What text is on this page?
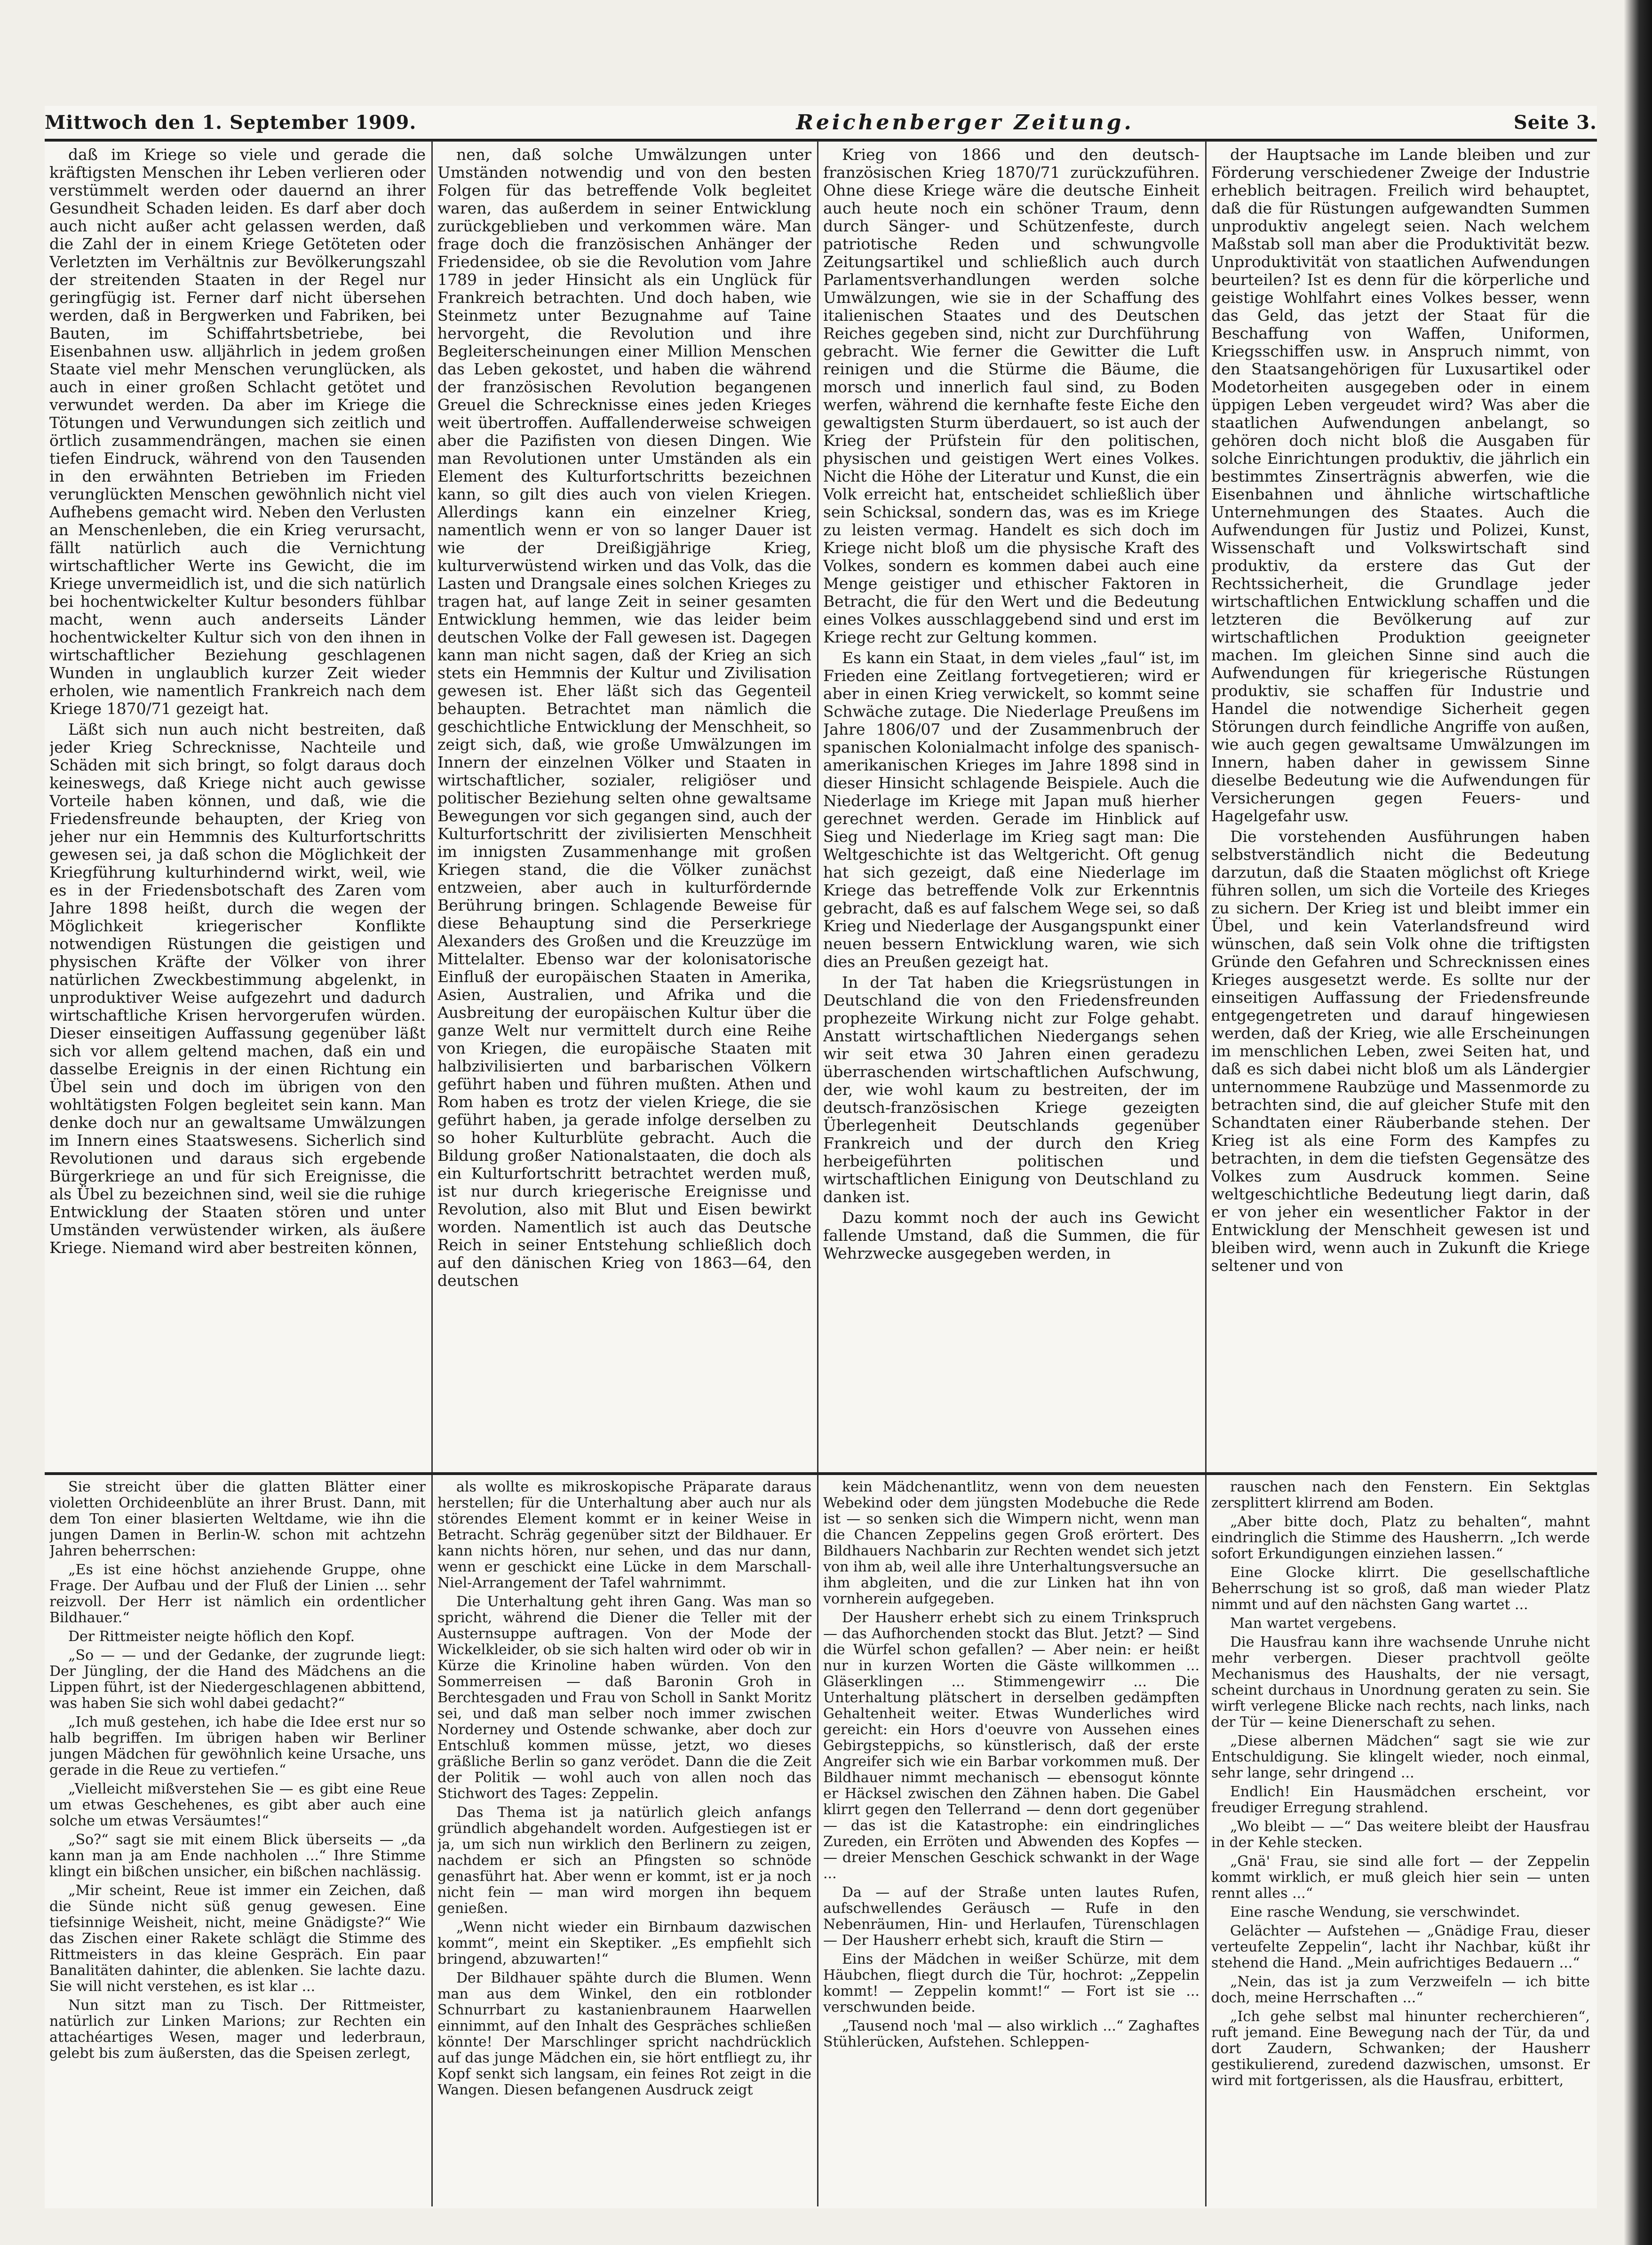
Mittwoch den 1. September 1909.	Reichenberger Zeitung.	Seite 3.

daß im Kriege so viele und gerade die kräftigsten Menschen ihr Leben verlieren oder verstümmelt werden oder dauernd an ihrer Gesundheit Schaden leiden. Es darf aber doch auch nicht außer acht gelassen werden, daß die Zahl der in einem Kriege Getöteten oder Verletzten im Verhältnis zur Bevölkerungszahl der streitenden Staaten in der Regel nur geringfügig ist. Ferner darf nicht übersehen werden, daß in Bergwerken und Fabriken, bei Bauten, im Schiffahrtsbetriebe, bei Eisenbahnen usw. alljährlich in jedem großen Staate viel mehr Menschen verunglücken, als auch in einer großen Schlacht getötet und verwundet werden. Da aber im Kriege die Tötungen und Verwundungen sich zeitlich und örtlich zusammendrängen, machen sie einen tiefen Eindruck, während von den Tausenden in den erwähnten Betrieben im Frieden verunglückten Menschen gewöhnlich nicht viel Aufhebens gemacht wird. Neben den Verlusten an Menschenleben, die ein Krieg verursacht, fällt natürlich auch die Vernichtung wirtschaftlicher Werte ins Gewicht, die im Kriege unvermeidlich ist, und die sich natürlich bei hochentwickelter Kultur besonders fühlbar macht, wenn auch anderseits Länder hochentwickelter Kultur sich von den ihnen in wirtschaftlicher Beziehung geschlagenen Wunden in unglaublich kurzer Zeit wieder erholen, wie namentlich Frankreich nach dem Kriege 1870/71 gezeigt hat.

Läßt sich nun auch nicht bestreiten, daß jeder Krieg Schrecknisse, Nachteile und Schäden mit sich bringt, so folgt daraus doch keineswegs, daß Kriege nicht auch gewisse Vorteile haben können, und daß, wie die Friedensfreunde behaupten, der Krieg von jeher nur ein Hemmnis des Kulturfortschritts gewesen sei, ja daß schon die Möglichkeit der Kriegführung kulturhindernd wirkt, weil, wie es in der Friedensbotschaft des Zaren vom Jahre 1898 heißt, durch die wegen der Möglichkeit kriegerischer Konflikte notwendigen Rüstungen die geistigen und physischen Kräfte der Völker von ihrer natürlichen Zweckbestimmung abgelenkt, in unproduktiver Weise aufgezehrt und dadurch wirtschaftliche Krisen hervorgerufen würden. Dieser einseitigen Auffassung gegenüber läßt sich vor allem geltend machen, daß ein und dasselbe Ereignis in der einen Richtung ein Übel sein und doch im übrigen von den wohltätigsten Folgen begleitet sein kann. Man denke doch nur an gewaltsame Umwälzungen im Innern eines Staatswesens. Sicherlich sind Revolutionen und daraus sich ergebende Bürgerkriege an und für sich Ereignisse, die als Übel zu bezeichnen sind, weil sie die ruhige Entwicklung der Staaten stören und unter Umständen verwüstender wirken, als äußere Kriege. Niemand wird aber bestreiten können,

nen, daß solche Umwälzungen unter Umständen notwendig und von den besten Folgen für das betreffende Volk begleitet waren, das außerdem in seiner Entwicklung zurückgeblieben und verkommen wäre. Man frage doch die französischen Anhänger der Friedensidee, ob sie die Revolution vom Jahre 1789 in jeder Hinsicht als ein Unglück für Frankreich betrachten. Und doch haben, wie Steinmetz unter Bezugnahme auf Taine hervorgeht, die Revolution und ihre Begleiterscheinungen einer Million Menschen das Leben gekostet, und haben die während der französischen Revolution begangenen Greuel die Schrecknisse eines jeden Krieges weit übertroffen. Auffallenderweise schweigen aber die Pazifisten von diesen Dingen. Wie man Revolutionen unter Umständen als ein Element des Kulturfortschritts bezeichnen kann, so gilt dies auch von vielen Kriegen. Allerdings kann ein einzelner Krieg, namentlich wenn er von so langer Dauer ist wie der Dreißigjährige Krieg, kulturverwüstend wirken und das Volk, das die Lasten und Drangsale eines solchen Krieges zu tragen hat, auf lange Zeit in seiner gesamten Entwicklung hemmen, wie das leider beim deutschen Volke der Fall gewesen ist. Dagegen kann man nicht sagen, daß der Krieg an sich stets ein Hemmnis der Kultur und Zivilisation gewesen ist. Eher läßt sich das Gegenteil behaupten. Betrachtet man nämlich die geschichtliche Entwicklung der Menschheit, so zeigt sich, daß, wie große Umwälzungen im Innern der einzelnen Völker und Staaten in wirtschaftlicher, sozialer, religiöser und politischer Beziehung selten ohne gewaltsame Bewegungen vor sich gegangen sind, auch der Kulturfortschritt der zivilisierten Menschheit im innigsten Zusammenhange mit großen Kriegen stand, die die Völker zunächst entzweien, aber auch in kulturfördernde Berührung bringen. Schlagende Beweise für diese Behauptung sind die Perserkriege Alexanders des Großen und die Kreuzzüge im Mittelalter. Ebenso war der kolonisatorische Einfluß der europäischen Staaten in Amerika, Asien, Australien, und Afrika und die Ausbreitung der europäischen Kultur über die ganze Welt nur vermittelt durch eine Reihe von Kriegen, die europäische Staaten mit halbzivilisierten und barbarischen Völkern geführt haben und führen mußten. Athen und Rom haben es trotz der vielen Kriege, die sie geführt haben, ja gerade infolge derselben zu so hoher Kulturblüte gebracht. Auch die Bildung großer Nationalstaaten, die doch als ein Kulturfortschritt betrachtet werden muß, ist nur durch kriegerische Ereignisse und Revolution, also mit Blut und Eisen bewirkt worden. Namentlich ist auch das Deutsche Reich in seiner Entstehung schließlich doch auf den dänischen Krieg von 1863—64, den deutschen

Krieg von 1866 und den deutsch-französischen Krieg 1870/71 zurückzuführen. Ohne diese Kriege wäre die deutsche Einheit auch heute noch ein schöner Traum, denn durch Sänger- und Schützenfeste, durch patriotische Reden und schwungvolle Zeitungsartikel und schließlich auch durch Parlamentsverhandlungen werden solche Umwälzungen, wie sie in der Schaffung des italienischen Staates und des Deutschen Reiches gegeben sind, nicht zur Durchführung gebracht. Wie ferner die Gewitter die Luft reinigen und die Stürme die Bäume, die morsch und innerlich faul sind, zu Boden werfen, während die kernhafte feste Eiche den gewaltigsten Sturm überdauert, so ist auch der Krieg der Prüfstein für den politischen, physischen und geistigen Wert eines Volkes. Nicht die Höhe der Literatur und Kunst, die ein Volk erreicht hat, entscheidet schließlich über sein Schicksal, sondern das, was es im Kriege zu leisten vermag. Handelt es sich doch im Kriege nicht bloß um die physische Kraft des Volkes, sondern es kommen dabei auch eine Menge geistiger und ethischer Faktoren in Betracht, die für den Wert und die Bedeutung eines Volkes ausschlaggebend sind und erst im Kriege recht zur Geltung kommen.

Es kann ein Staat, in dem vieles „faul“ ist, im Frieden eine Zeitlang fortvegetieren; wird er aber in einen Krieg verwickelt, so kommt seine Schwäche zutage. Die Niederlage Preußens im Jahre 1806/07 und der Zusammenbruch der spanischen Kolonialmacht infolge des spanisch-amerikanischen Krieges im Jahre 1898 sind in dieser Hinsicht schlagende Beispiele. Auch die Niederlage im Kriege mit Japan muß hierher gerechnet werden. Gerade im Hinblick auf Sieg und Niederlage im Krieg sagt man: Die Weltgeschichte ist das Weltgericht. Oft genug hat sich gezeigt, daß eine Niederlage im Kriege das betreffende Volk zur Erkenntnis gebracht, daß es auf falschem Wege sei, so daß Krieg und Niederlage der Ausgangspunkt einer neuen bessern Entwicklung waren, wie sich dies an Preußen gezeigt hat.

In der Tat haben die Kriegsrüstungen in Deutschland die von den Friedensfreunden prophezeite Wirkung nicht zur Folge gehabt. Anstatt wirtschaftlichen Niedergangs sehen wir seit etwa 30 Jahren einen geradezu überraschenden wirtschaftlichen Aufschwung, der, wie wohl kaum zu bestreiten, der im deutsch-französischen Kriege gezeigten Überlegenheit Deutschlands gegenüber Frankreich und der durch den Krieg herbeigeführten politischen und wirtschaftlichen Einigung von Deutschland zu danken ist.

Dazu kommt noch der auch ins Gewicht fallende Umstand, daß die Summen, die für Wehrzwecke ausgegeben werden, in

der Hauptsache im Lande bleiben und zur Förderung verschiedener Zweige der Industrie erheblich beitragen. Freilich wird behauptet, daß die für Rüstungen aufgewandten Summen unproduktiv angelegt seien. Nach welchem Maßstab soll man aber die Produktivität bezw. Unproduktivität von staatlichen Aufwendungen beurteilen? Ist es denn für die körperliche und geistige Wohlfahrt eines Volkes besser, wenn das Geld, das jetzt der Staat für die Beschaffung von Waffen, Uniformen, Kriegsschiffen usw. in Anspruch nimmt, von den Staatsangehörigen für Luxusartikel oder Modetorheiten ausgegeben oder in einem üppigen Leben vergeudet wird? Was aber die staatlichen Aufwendungen anbelangt, so gehören doch nicht bloß die Ausgaben für solche Einrichtungen produktiv, die jährlich ein bestimmtes Zinserträgnis abwerfen, wie die Eisenbahnen und ähnliche wirtschaftliche Unternehmungen des Staates. Auch die Aufwendungen für Justiz und Polizei, Kunst, Wissenschaft und Volkswirtschaft sind produktiv, da erstere das Gut der Rechtssicherheit, die Grundlage jeder wirtschaftlichen Entwicklung schaffen und die letzteren die Bevölkerung auf zur wirtschaftlichen Produktion geeigneter machen. Im gleichen Sinne sind auch die Aufwendungen für kriegerische Rüstungen produktiv, sie schaffen für Industrie und Handel die notwendige Sicherheit gegen Störungen durch feindliche Angriffe von außen, wie auch gegen gewaltsame Umwälzungen im Innern, haben daher in gewissem Sinne dieselbe Bedeutung wie die Aufwendungen für Versicherungen gegen Feuers- und Hagelgefahr usw.

Die vorstehenden Ausführungen haben selbstverständlich nicht die Bedeutung darzutun, daß die Staaten möglichst oft Kriege führen sollen, um sich die Vorteile des Krieges zu sichern. Der Krieg ist und bleibt immer ein Übel, und kein Vaterlandsfreund wird wünschen, daß sein Volk ohne die triftigsten Gründe den Gefahren und Schrecknissen eines Krieges ausgesetzt werde. Es sollte nur der einseitigen Auffassung der Friedensfreunde entgegengetreten und darauf hingewiesen werden, daß der Krieg, wie alle Erscheinungen im menschlichen Leben, zwei Seiten hat, und daß es sich dabei nicht bloß um als Ländergier unternommene Raubzüge und Massenmorde zu betrachten sind, die auf gleicher Stufe mit den Schandtaten einer Räuberbande stehen. Der Krieg ist als eine Form des Kampfes zu betrachten, in dem die tiefsten Gegensätze des Volkes zum Ausdruck kommen. Seine weltgeschichtliche Bedeutung liegt darin, daß er von jeher ein wesentlicher Faktor in der Entwicklung der Menschheit gewesen ist und bleiben wird, wenn auch in Zukunft die Kriege seltener und von

Sie streicht über die glatten Blätter einer violetten Orchideenblüte an ihrer Brust. Dann, mit dem Ton einer blasierten Weltdame, wie ihn die jungen Damen in Berlin-W. schon mit achtzehn Jahren beherrschen:

„Es ist eine höchst anziehende Gruppe, ohne Frage. Der Aufbau und der Fluß der Linien ... sehr reizvoll. Der Herr ist nämlich ein ordentlicher Bildhauer.“

Der Rittmeister neigte höflich den Kopf.

„So — — und der Gedanke, der zugrunde liegt: Der Jüngling, der die Hand des Mädchens an die Lippen führt, ist der Niedergeschlagenen abbittend, was haben Sie sich wohl dabei gedacht?“

„Ich muß gestehen, ich habe die Idee erst nur so halb begriffen. Im übrigen haben wir Berliner jungen Mädchen für gewöhnlich keine Ursache, uns gerade in die Reue zu vertiefen.“

„Vielleicht mißverstehen Sie — es gibt eine Reue um etwas Geschehenes, es gibt aber auch eine solche um etwas Versäumtes!“

„So?“ sagt sie mit einem Blick überseits — „da kann man ja am Ende nachholen ...“ Ihre Stimme klingt ein bißchen unsicher, ein bißchen nachlässig.

„Mir scheint, Reue ist immer ein Zeichen, daß die Sünde nicht süß genug gewesen. Eine tiefsinnige Weisheit, nicht, meine Gnädigste?“ Wie das Zischen einer Rakete schlägt die Stimme des Rittmeisters in das kleine Gespräch. Ein paar Banalitäten dahinter, die ablenken. Sie lachte dazu. Sie will nicht verstehen, es ist klar ...

Nun sitzt man zu Tisch. Der Rittmeister, natürlich zur Linken Marions; zur Rechten ein attachéartiges Wesen, mager und lederbraun, gelebt bis zum äußersten, das die Speisen zerlegt,

als wollte es mikroskopische Präparate daraus herstellen; für die Unterhaltung aber auch nur als störendes Element kommt er in keiner Weise in Betracht. Schräg gegenüber sitzt der Bildhauer. Er kann nichts hören, nur sehen, und das nur dann, wenn er geschickt eine Lücke in dem Marschall-Niel-Arrangement der Tafel wahrnimmt.

Die Unterhaltung geht ihren Gang. Was man so spricht, während die Diener die Teller mit der Austernsuppe auftragen. Von der Mode der Wickelkleider, ob sie sich halten wird oder ob wir in Kürze die Krinoline haben würden. Von den Sommerreisen — daß Baronin Groh in Berchtesgaden und Frau von Scholl in Sankt Moritz sei, und daß man selber noch immer zwischen Norderney und Ostende schwanke, aber doch zur Entschluß kommen müsse, jetzt, wo dieses gräßliche Berlin so ganz verödet. Dann die die Zeit der Politik — wohl auch von allen noch das Stichwort des Tages: Zeppelin.

Das Thema ist ja natürlich gleich anfangs gründlich abgehandelt worden. Aufgestiegen ist er ja, um sich nun wirklich den Berlinern zu zeigen, nachdem er sich an Pfingsten so schnöde genasführt hat. Aber wenn er kommt, ist er ja noch nicht fein — man wird morgen ihn bequem genießen.

„Wenn nicht wieder ein Birnbaum dazwischen kommt“, meint ein Skeptiker. „Es empfiehlt sich bringend, abzuwarten!“

Der Bildhauer spähte durch die Blumen. Wenn man aus dem Winkel, den ein rotblonder Schnurrbart zu kastanienbraunem Haarwellen einnimmt, auf den Inhalt des Gespräches schließen könnte! Der Marschlinger spricht nachdrücklich auf das junge Mädchen ein, sie hört entfliegt zu, ihr Kopf senkt sich langsam, ein feines Rot zeigt in die Wangen. Diesen befangenen Ausdruck zeigt

kein Mädchenantlitz, wenn von dem neuesten Webekind oder dem jüngsten Modebuche die Rede ist — so senken sich die Wimpern nicht, wenn man die Chancen Zeppelins gegen Groß erörtert. Des Bildhauers Nachbarin zur Rechten wendet sich jetzt von ihm ab, weil alle ihre Unterhaltungsversuche an ihm abgleiten, und die zur Linken hat ihn von vornherein aufgegeben.

Der Hausherr erhebt sich zu einem Trinkspruch — das Aufhorchenden stockt das Blut. Jetzt? — Sind die Würfel schon gefallen? — Aber nein: er heißt nur in kurzen Worten die Gäste willkommen ... Gläserklingen ... Stimmengewirr ... Die Unterhaltung plätschert in derselben gedämpften Gehaltenheit weiter. Etwas Wunderliches wird gereicht: ein Hors d'oeuvre von Aussehen eines Gebirgsteppichs, so künstlerisch, daß der erste Angreifer sich wie ein Barbar vorkommen muß. Der Bildhauer nimmt mechanisch — ebensogut könnte er Häcksel zwischen den Zähnen haben. Die Gabel klirrt gegen den Tellerrand — denn dort gegenüber — das ist die Katastrophe: ein eindringliches Zureden, ein Erröten und Abwenden des Kopfes — — dreier Menschen Geschick schwankt in der Wage ...

Da — auf der Straße unten lautes Rufen, aufschwellendes Geräusch — Rufe in den Nebenräumen, Hin- und Herlaufen, Türenschlagen — Der Hausherr erhebt sich, krauft die Stirn —

Eins der Mädchen in weißer Schürze, mit dem Häubchen, fliegt durch die Tür, hochrot: „Zeppelin kommt! — Zeppelin kommt!“ — Fort ist sie ... verschwunden beide.

„Tausend noch 'mal — also wirklich ...“ Zaghaftes Stühlerücken, Aufstehen. Schleppen-

rauschen nach den Fenstern. Ein Sektglas zersplittert klirrend am Boden.

„Aber bitte doch, Platz zu behalten“, mahnt eindringlich die Stimme des Hausherrn. „Ich werde sofort Erkundigungen einziehen lassen.“

Eine Glocke klirrt. Die gesellschaftliche Beherrschung ist so groß, daß man wieder Platz nimmt und auf den nächsten Gang wartet ...

Man wartet vergebens.

Die Hausfrau kann ihre wachsende Unruhe nicht mehr verbergen. Dieser prachtvoll geölte Mechanismus des Haushalts, der nie versagt, scheint durchaus in Unordnung geraten zu sein. Sie wirft verlegene Blicke nach rechts, nach links, nach der Tür — keine Dienerschaft zu sehen.

„Diese albernen Mädchen“ sagt sie wie zur Entschuldigung. Sie klingelt wieder, noch einmal, sehr lange, sehr dringend ...

Endlich! Ein Hausmädchen erscheint, vor freudiger Erregung strahlend.

„Wo bleibt — —“ Das weitere bleibt der Hausfrau in der Kehle stecken.

„Gnä' Frau, sie sind alle fort — der Zeppelin kommt wirklich, er muß gleich hier sein — unten rennt alles ...“

Eine rasche Wendung, sie verschwindet.

Gelächter — Aufstehen — „Gnädige Frau, dieser verteufelte Zeppelin“, lacht ihr Nachbar, küßt ihr stehend die Hand. „Mein aufrichtiges Bedauern ...“

„Nein, das ist ja zum Verzweifeln — ich bitte doch, meine Herrschaften ...“

„Ich gehe selbst mal hinunter recherchieren“, ruft jemand. Eine Bewegung nach der Tür, da und dort Zaudern, Schwanken; der Hausherr gestikulierend, zuredend dazwischen, umsonst. Er wird mit fortgerissen, als die Hausfrau, erbittert,
